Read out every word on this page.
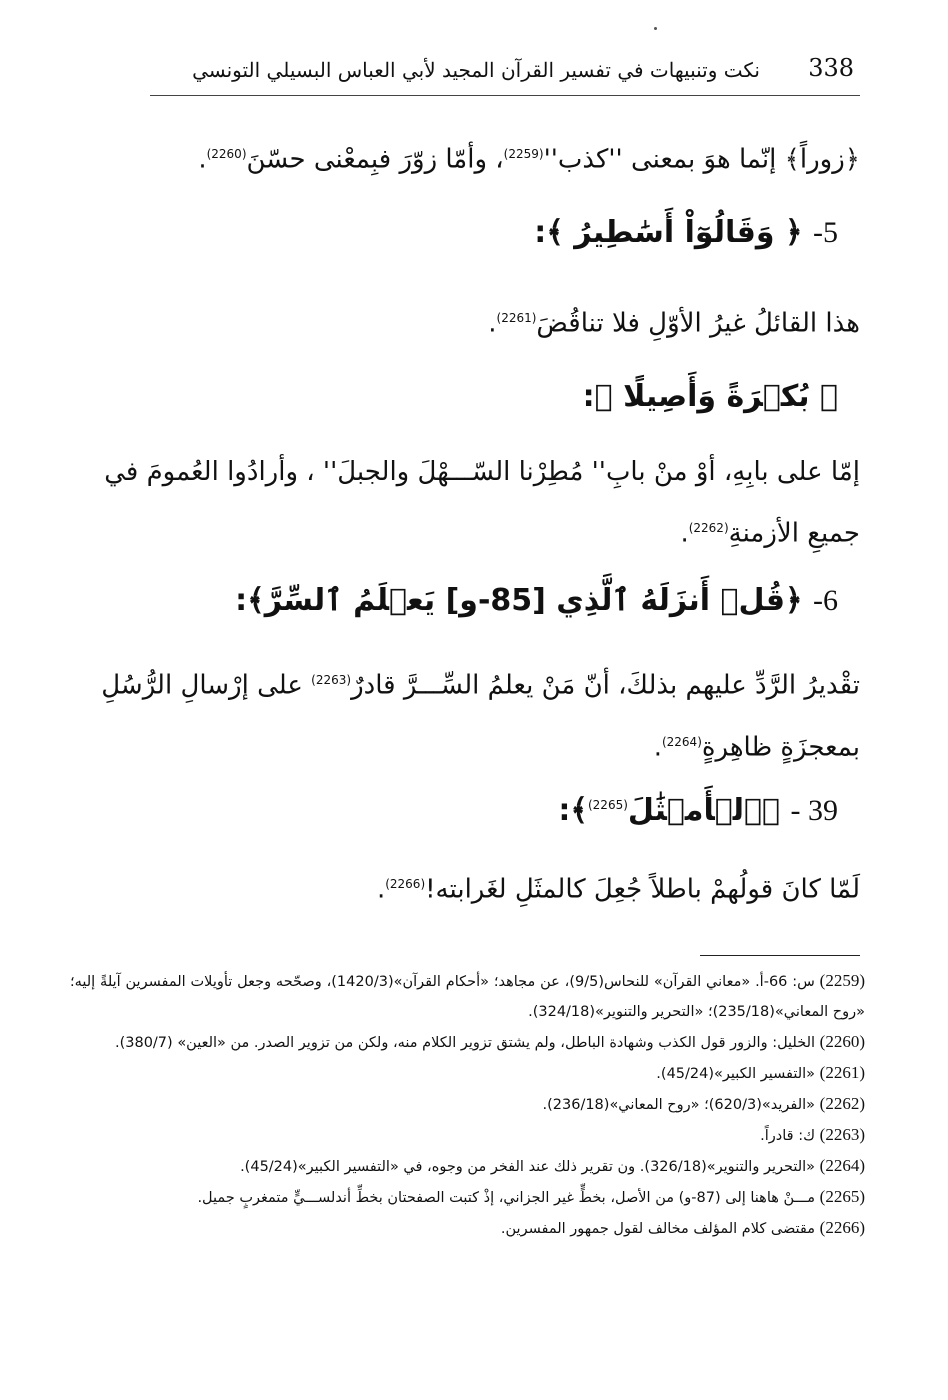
338
نكت وتنبيهات في تفسير القرآن المجيد لأبي العباس البسيلي التونسي
﴿زوراً﴾ إنّما هوَ بمعنى ''$كذب''^{(2259)}،$ وأمّا زوّرَ فبِمعْنى حسّنَ$^{(2260)}$.
5- ﴿ وَقَالُوٓاْ أَسَٰطِيرُ ﴾:
هذا القائلُ غيرُ الأوّلِ فلا تناقُضَ$^{(2261)}$.
﴿ بُكۡرَةً وَأَصِيلًا ﴾:
إمّا على بابِهِ، أوْ منْ بابِ'' مُطِرْنا السّـــهْلَ والجبلَ'' ، وأرادُوا العُمومَ في جميعِ الأزمنةِ$^{(2262)}$.
6- ﴿قُلۡ أَنزَلَهُ ٱلَّذِي [85-و] يَعۡلَمُ ٱلسِّرَّ﴾:
تقْديرُ الرَّدِّ عليهم بذلكَ، أنّ مَنْ يعلمُ السِّـــرَّ قادرٌ$^{(2263)}$ على إرْسالِ الرُّسُلِ بمعجزَةٍ ظاهِرةٍ$^{(2264)}$.
39 - ﴿ٱلۡأَمۡثَٰلَ$^{(2265)}$﴾:
لَمّا كانَ قولُهمْ باطلاً جُعِلَ كالمثَلِ لغَرابته!$^{(2266)}$.

(2259) س: 66-أ. «معاني القرآن» للنحاس(9/5)، عن مجاهد؛ «أحكام القرآن»(1420/3)، وصحّحه وجعل تأويلات المفسرين آيلةً إليه؛ «روح المعاني»(235/18)؛ «التحرير والتنوير»(324/18).

(2260) الخليل: والزور قول الكذب وشهادة الباطل، ولم يشتق تزوير الكلام منه، ولكن من تزوير الصدر. من «العين» (380/7).

(2261) «التفسير الكبير»(45/24).

(2262) «الفريد»(620/3)؛ «روح المعاني»(236/18).

(2263) ك: قادراً.

(2264) «التحرير والتنوير»(326/18). ون تقرير ذلك عند الفخر من وجوه، في «التفسير الكبير»(45/24).

(2265) مـــنْ هاهنا إلى (87-و) من الأصل، بخطٍّ غير الجزاني، إذْ كتبت الصفحتان بخطِّ أندلســـيٍّ متمغربٍ جميل.

(2266) مقتضى كلام المؤلف مخالف لقول جمهور المفسرين.
